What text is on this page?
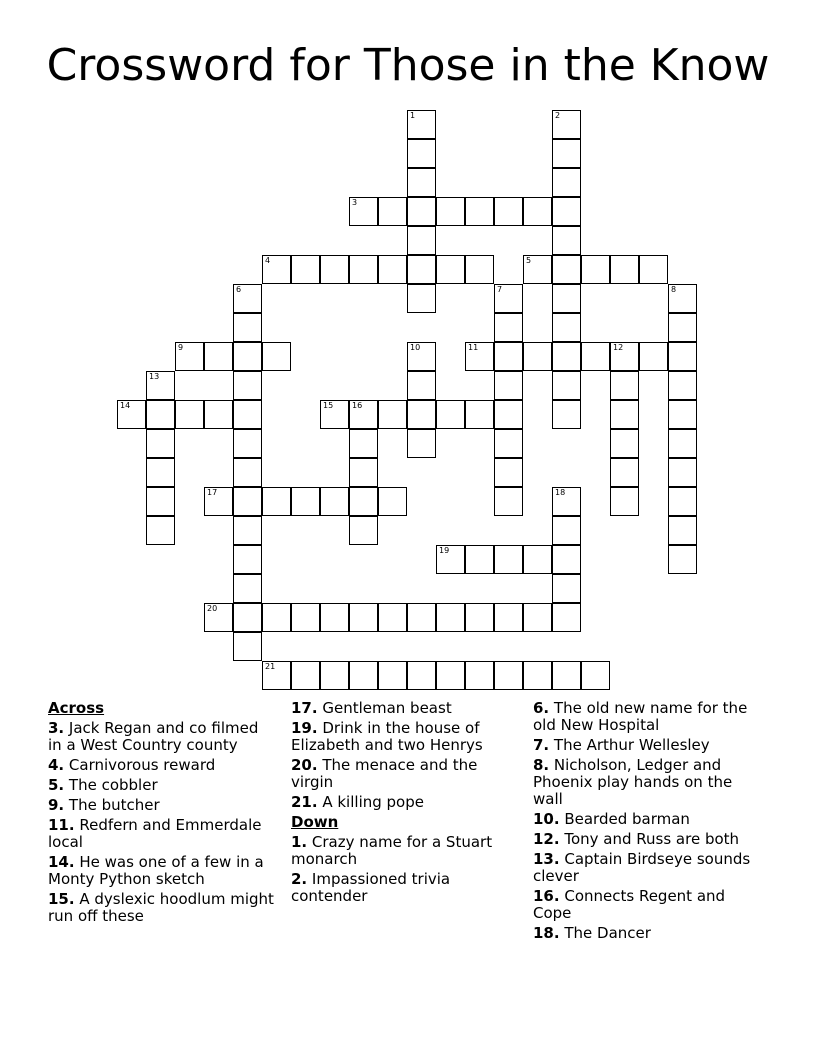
Crossword for Those in the Know
1	2
3
4	5
6	7	8
9	10	11	12
13
14	15 16
17	18
19
20
21
Across
3. Jack Regan and co filmed in a West Country county
4. Carnivorous reward
5. The cobbler
9. The butcher
11. Redfern and Emmerdale local
14. He was one of a few in a Monty Python sketch
15. A dyslexic hoodlum might run off these
17. Gentleman beast
19. Drink in the house of Elizabeth and two Henrys
20. The menace and the virgin
21. A killing pope
Down
1. Crazy name for a Stuart monarch
2. Impassioned trivia contender
6. The old new name for the old New Hospital
7. The Arthur Wellesley
8. Nicholson, Ledger and Phoenix play hands on the wall
10. Bearded barman
12. Tony and Russ are both
13. Captain Birdseye sounds clever
16. Connects Regent and Cope
18. The Dancer
